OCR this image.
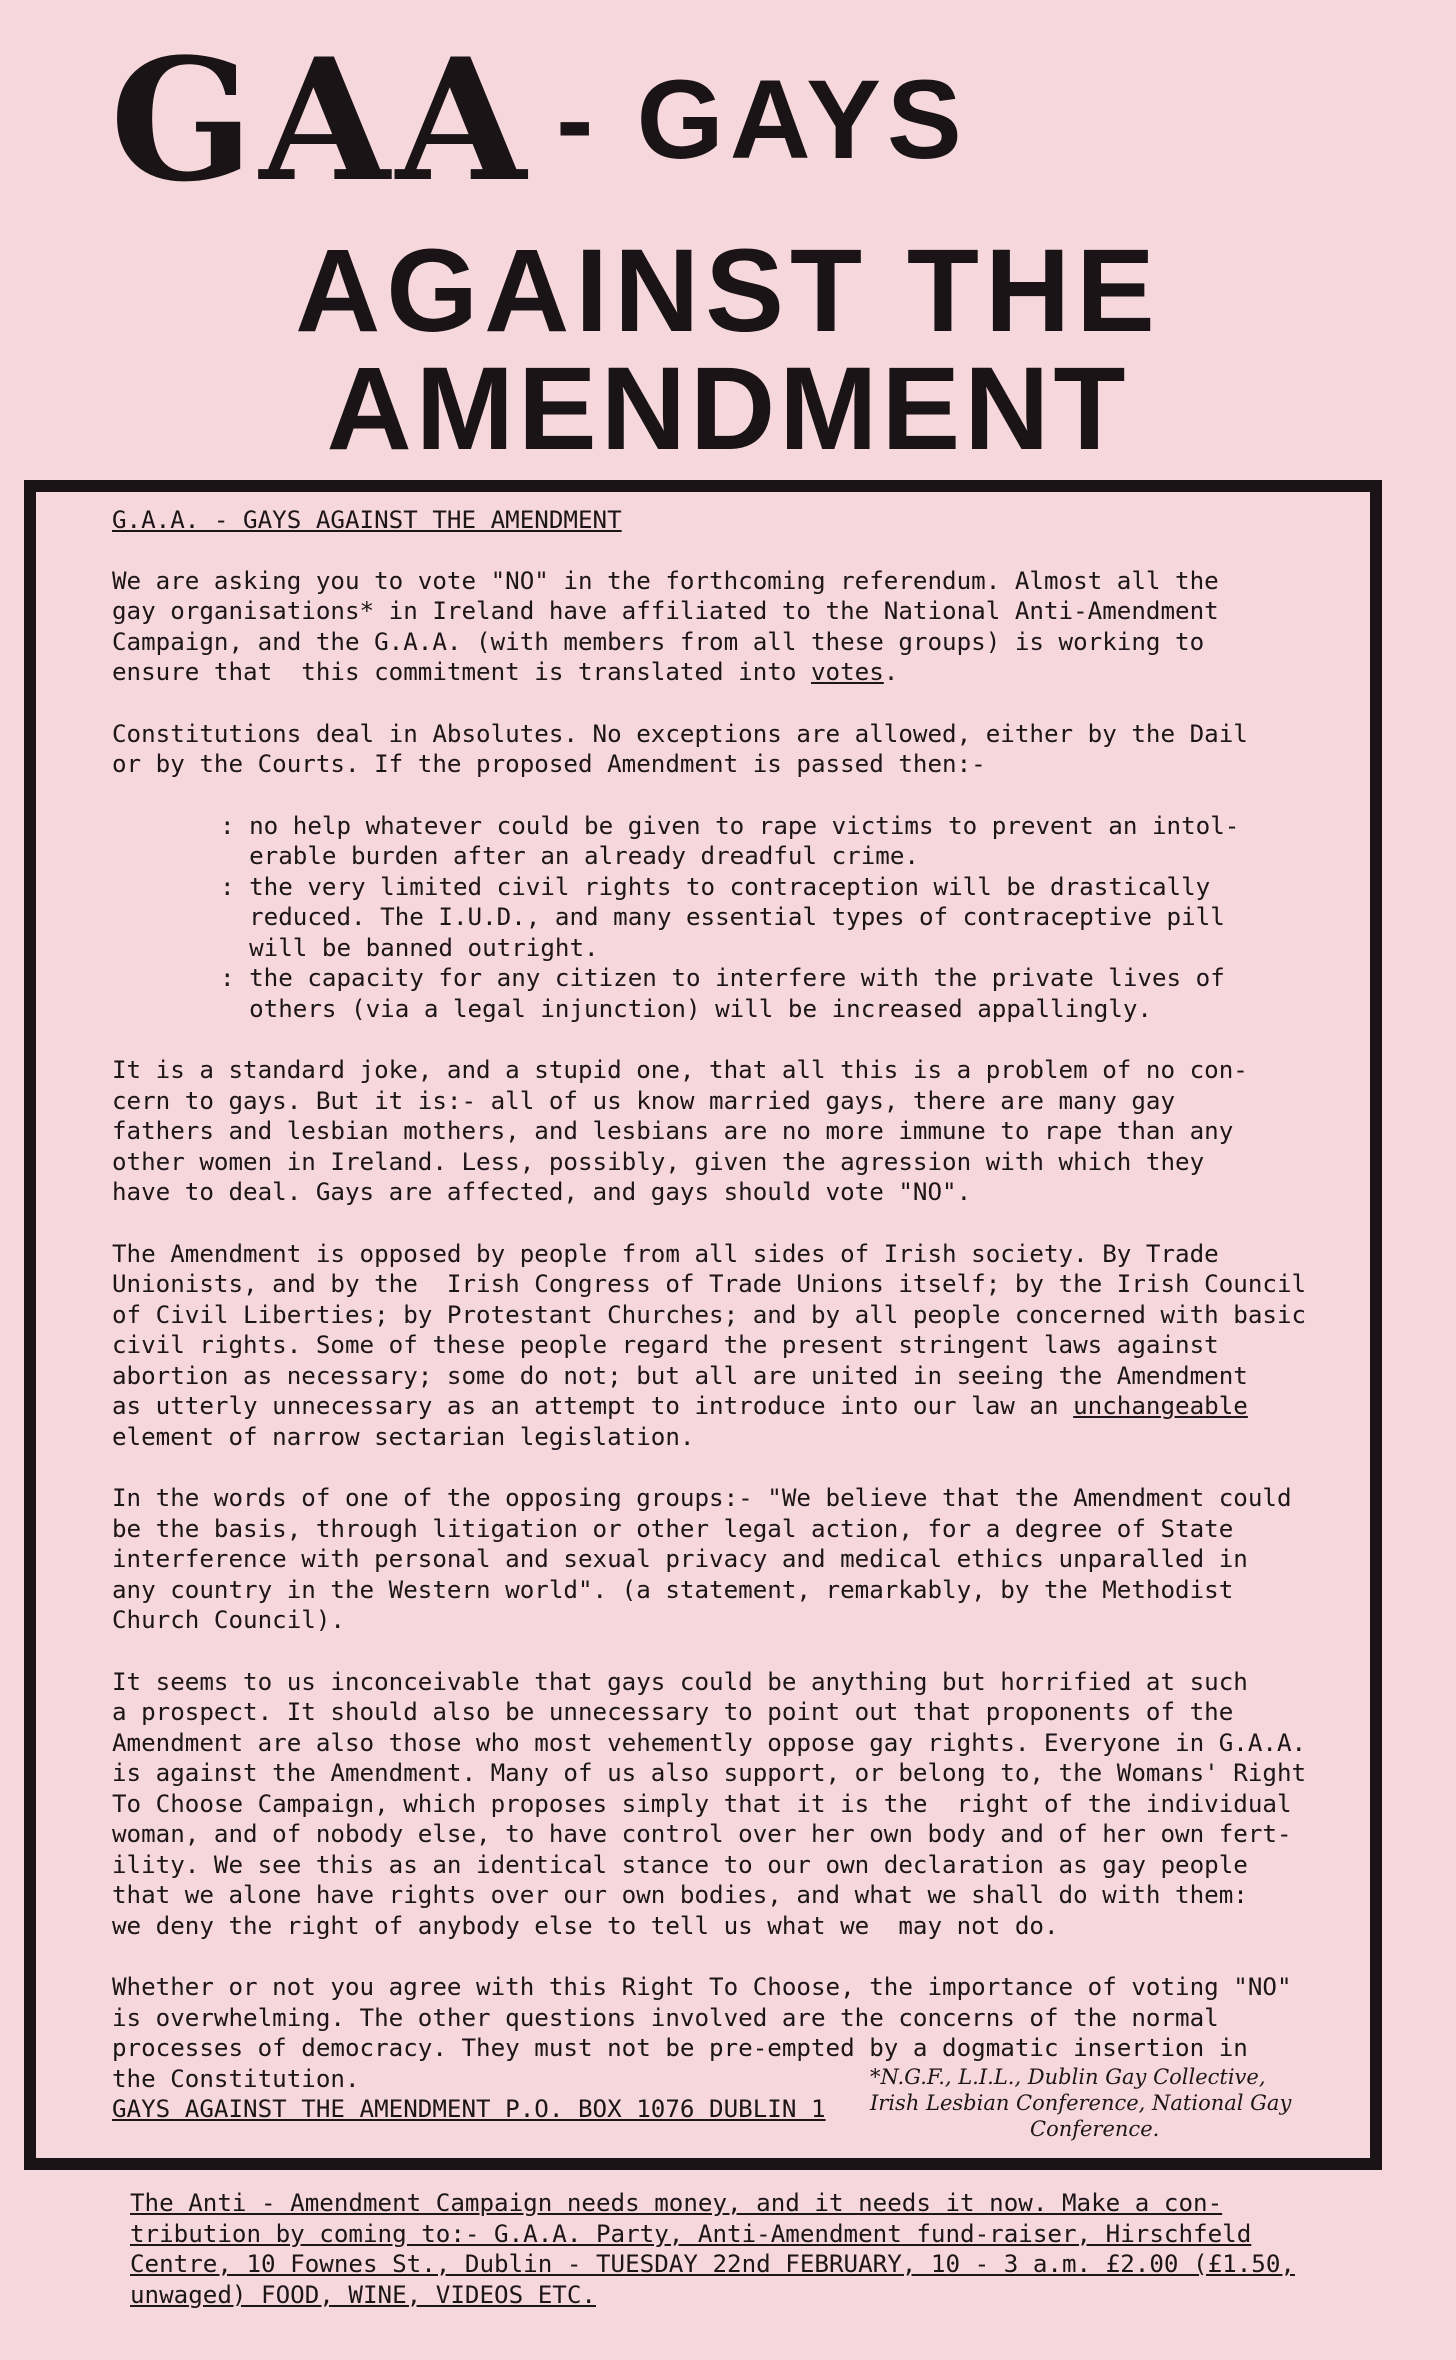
GAA - GAYS
AGAINST THE
AMENDMENT

G.A.A. - GAYS AGAINST THE AMENDMENT

We are asking you to vote "NO" in the forthcoming referendum. Almost all the
gay organisations* in Ireland have affiliated to the National Anti-Amendment
Campaign, and the G.A.A. (with members from all these groups) is working to
ensure that  this commitment is translated into votes.

Constitutions deal in Absolutes. No exceptions are allowed, either by the Dail
or by the Courts. If the proposed Amendment is passed then:-

: no help whatever could be given to rape victims to prevent an intol-
erable burden after an already dreadful crime.

: the very limited civil rights to contraception will be drastically
reduced. The I.U.D., and many essential types of contraceptive pill
will be banned outright.

: the capacity for any citizen to interfere with the private lives of
others (via a legal injunction) will be increased appallingly.

It is a standard joke, and a stupid one, that all this is a problem of no con-
cern to gays. But it is:- all of us know married gays, there are many gay
fathers and lesbian mothers, and lesbians are no more immune to rape than any
other women in Ireland. Less, possibly, given the agression with which they
have to deal. Gays are affected, and gays should vote "NO".

The Amendment is opposed by people from all sides of Irish society. By Trade
Unionists, and by the  Irish Congress of Trade Unions itself; by the Irish Council
of Civil Liberties; by Protestant Churches; and by all people concerned with basic
civil rights. Some of these people regard the present stringent laws against
abortion as necessary; some do not; but all are united in seeing the Amendment
as utterly unnecessary as an attempt to introduce into our law an unchangeable
element of narrow sectarian legislation.

In the words of one of the opposing groups:- "We believe that the Amendment could
be the basis, through litigation or other legal action, for a degree of State
interference with personal and sexual privacy and medical ethics unparalled in
any country in the Western world". (a statement, remarkably, by the Methodist
Church Council).

It seems to us inconceivable that gays could be anything but horrified at such
a prospect. It should also be unnecessary to point out that proponents of the
Amendment are also those who most vehemently oppose gay rights. Everyone in G.A.A.
is against the Amendment. Many of us also support, or belong to, the Womans' Right
To Choose Campaign, which proposes simply that it is the  right of the individual
woman, and of nobody else, to have control over her own body and of her own fert-
ility. We see this as an identical stance to our own declaration as gay people
that we alone have rights over our own bodies, and what we shall do with them:
we deny the right of anybody else to tell us what we  may not do.

Whether or not you agree with this Right To Choose, the importance of voting "NO"
is overwhelming. The other questions involved are the concerns of the normal
processes of democracy. They must not be pre-empted by a dogmatic insertion in
the Constitution.

GAYS AGAINST THE AMENDMENT P.O. BOX 1076 DUBLIN 1

*N.G.F., L.I.L., Dublin Gay Collective,
Irish Lesbian Conference, National Gay
Conference.

The Anti - Amendment Campaign needs money, and it needs it now. Make a con-

tribution by coming to:- G.A.A. Party, Anti-Amendment fund-raiser, Hirschfeld

Centre, 10 Fownes St., Dublin - TUESDAY 22nd FEBRUARY, 10 - 3 a.m. £2.00 (£1.50,

unwaged) FOOD, WINE, VIDEOS ETC.
